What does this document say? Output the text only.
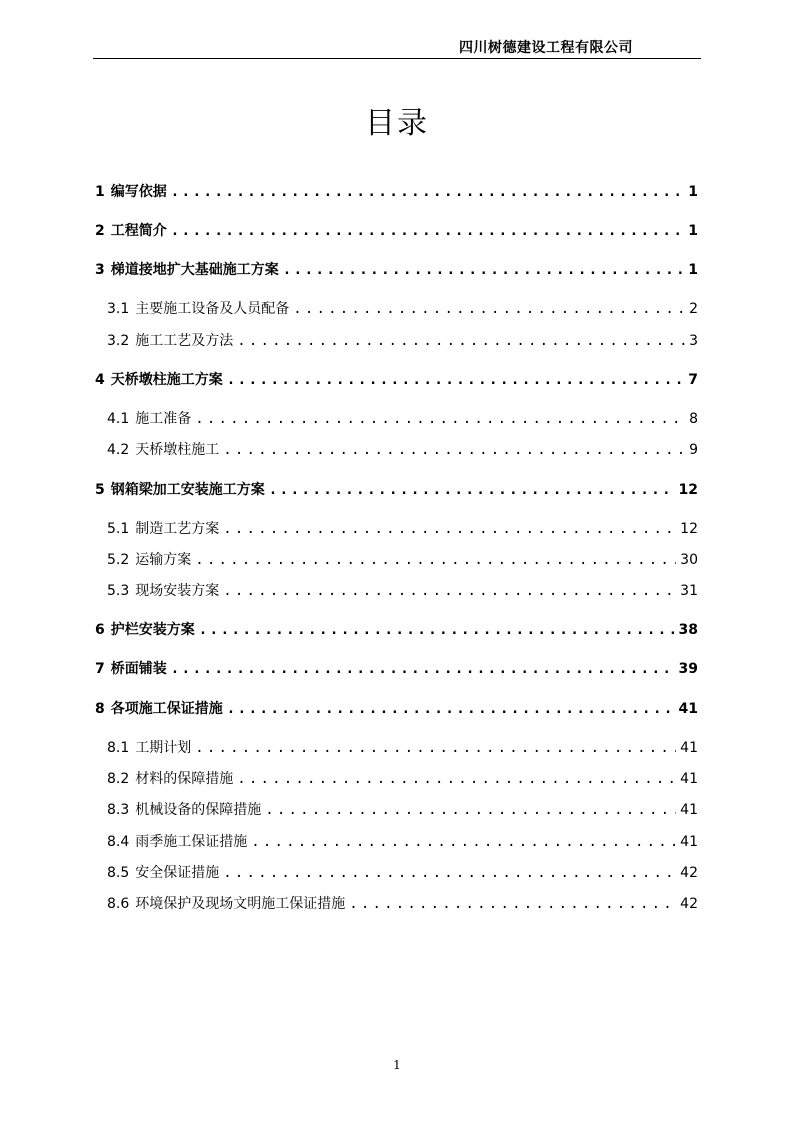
四川树德建设工程有限公司
目录
1 编写依据 .....	1
2 工程简介 .....	1
3 梯道接地扩大基础施工方案 .....	1
3.1 主要施工设备及人员配备 .....	2
3.2 施工工艺及方法 .....	3
4 天桥墩柱施工方案 .....	7
4.1 施工准备 .....	8
4.2 天桥墩柱施工 .....	9
5 钢箱梁加工安装施工方案 .....	12
5.1 制造工艺方案 .....	12
5.2 运输方案 .....	30
5.3 现场安装方案 .....	31
6 护栏安装方案 .....	38
7 桥面铺装 .....	39
8 各项施工保证措施 .....	41
8.1 工期计划 .....	41
8.2 材料的保障措施 .....	41
8.3 机械设备的保障措施 .....	41
8.4 雨季施工保证措施 .....	41
8.5 安全保证措施 .....	42
8.6 环境保护及现场文明施工保证措施 .....	42
1
